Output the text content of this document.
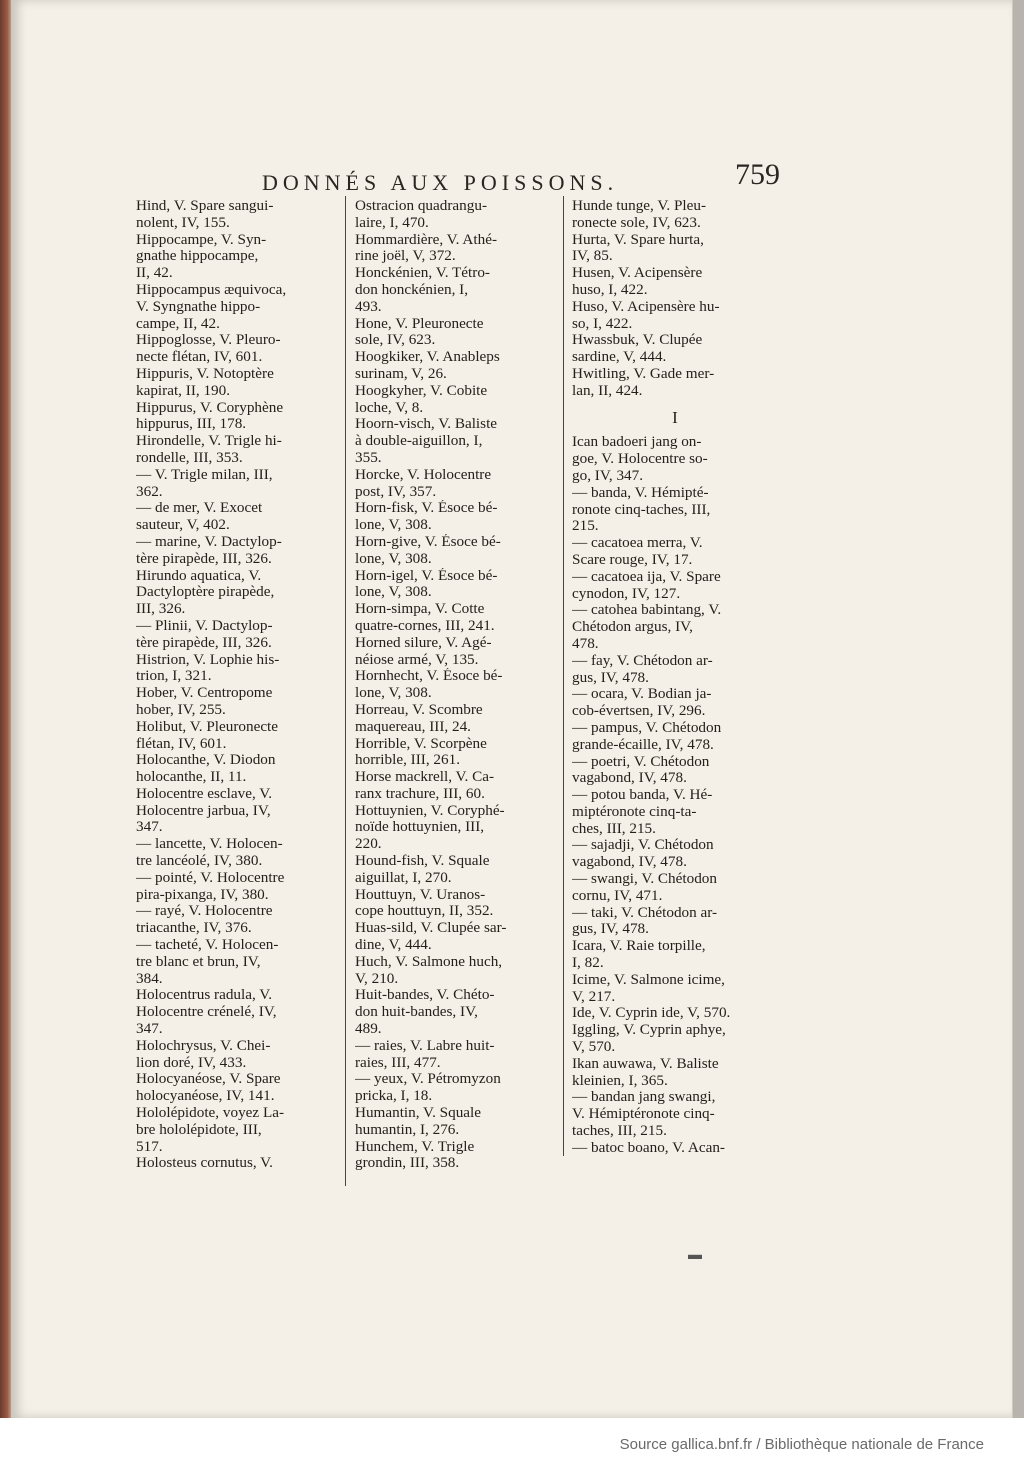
DONNÉS AUX POISSONS.	759
Hind, V. Spare sangui-
nolent, IV, 155.
Hippocampe, V. Syn-
gnathe hippocampe,
II, 42.
Hippocampus æquivoca,
V. Syngnathe hippo-
campe, II, 42.
Hippoglosse, V. Pleuro-
necte flétan, IV, 601.
Hippuris, V. Notoptère
kapirat, II, 190.
Hippurus, V. Coryphène
hippurus, III, 178.
Hirondelle, V. Trigle hi-
rondelle, III, 353.
— V. Trigle milan, III,
362.
— de mer, V. Exocet
sauteur, V, 402.
— marine, V. Dactylop-
tère pirapède, III, 326.
Hirundo aquatica, V.
Dactyloptère pirapède,
III, 326.
— Plinii, V. Dactylop-
tère pirapède, III, 326.
Histrion, V. Lophie his-
trion, I, 321.
Hober, V. Centropome
hober, IV, 255.
Holibut, V. Pleuronecte
flétan, IV, 601.
Holocanthe, V. Diodon
holocanthe, II, 11.
Holocentre esclave, V.
Holocentre jarbua, IV,
347.
— lancette, V. Holocen-
tre lancéolé, IV, 380.
— pointé, V. Holocentre
pira-pixanga, IV, 380.
— rayé, V. Holocentre
triacanthe, IV, 376.
— tacheté, V. Holocen-
tre blanc et brun, IV,
384.
Holocentrus radula, V.
Holocentre crénelé, IV,
347.
Holochrysus, V. Chei-
lion doré, IV, 433.
Holocyanéose, V. Spare
holocyanéose, IV, 141.
Hololépidote, voyez La-
bre hololépidote, III,
517.
Holosteus cornutus, V.
Ostracion quadrangu-
laire, I, 470.
Hommardière, V. Athé-
rine joël, V, 372.
Honckénien, V. Tétro-
don honckénien, I,
493.
Hone, V. Pleuronecte
sole, IV, 623.
Hoogkiker, V. Anableps
surinam, V, 26.
Hoogkyher, V. Cobite
loche, V, 8.
Hoorn-visch, V. Baliste
à double-aiguillon, I,
355.
Horcke, V. Holocentre
post, IV, 357.
Horn-fisk, V. Ésoce bé-
lone, V, 308.
Horn-give, V. Ésoce bé-
lone, V, 308.
Horn-igel, V. Ésoce bé-
lone, V, 308.
Horn-simpa, V. Cotte
quatre-cornes, III, 241.
Horned silure, V. Agé-
néiose armé, V, 135.
Hornhecht, V. Ésoce bé-
lone, V, 308.
Horreau, V. Scombre
maquereau, III, 24.
Horrible, V. Scorpène
horrible, III, 261.
Horse mackrell, V. Ca-
ranx trachure, III, 60.
Hottuynien, V. Coryphé-
noïde hottuynien, III,
220.
Hound-fish, V. Squale
aiguillat, I, 270.
Houttuyn, V. Uranos-
cope houttuyn, II, 352.
Huas-sild, V. Clupée sar-
dine, V, 444.
Huch, V. Salmone huch,
V, 210.
Huit-bandes, V. Chéto-
don huit-bandes, IV,
489.
— raies, V. Labre huit-
raies, III, 477.
— yeux, V. Pétromyzon
pricka, I, 18.
Humantin, V. Squale
humantin, I, 276.
Hunchem, V. Trigle
grondin, III, 358.
Hunde tunge, V. Pleu-
ronecte sole, IV, 623.
Hurta, V. Spare hurta,
IV, 85.
Husen, V. Acipensère
huso, I, 422.
Huso, V. Acipensère hu-
so, I, 422.
Hwassbuk, V. Clupée
sardine, V, 444.
Hwitling, V. Gade mer-
lan, II, 424.
I
Ican badoeri jang on-
goe, V. Holocentre so-
go, IV, 347.
— banda, V. Hémipté-
ronote cinq-taches, III,
215.
— cacatoea merra, V.
Scare rouge, IV, 17.
— cacatoea ija, V. Spare
cynodon, IV, 127.
— catohea babintang, V.
Chétodon argus, IV,
478.
— fay, V. Chétodon ar-
gus, IV, 478.
— ocara, V. Bodian ja-
cob-évertsen, IV, 296.
— pampus, V. Chétodon
grande-écaille, IV, 478.
— poetri, V. Chétodon
vagabond, IV, 478.
— potou banda, V. Hé-
miptéronote cinq-ta-
ches, III, 215.
— sajadji, V. Chétodon
vagabond, IV, 478.
— swangi, V. Chétodon
cornu, IV, 471.
— taki, V. Chétodon ar-
gus, IV, 478.
Icara, V. Raie torpille,
I, 82.
Icime, V. Salmone icime,
V, 217.
Ide, V. Cyprin ide, V, 570.
Iggling, V. Cyprin aphye,
V, 570.
Ikan auwawa, V. Baliste
kleinien, I, 365.
— bandan jang swangi,
V. Hémiptéronote cinq-
taches, III, 215.
— batoc boano, V. Acan-
▬
Source gallica.bnf.fr / Bibliothèque nationale de France
